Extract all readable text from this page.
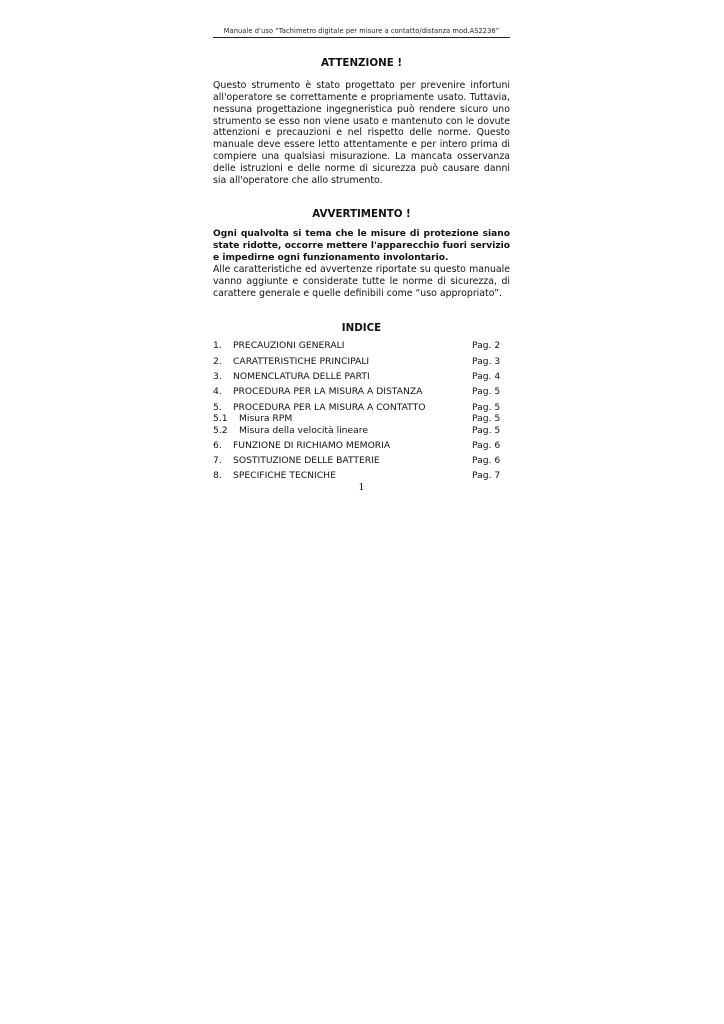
Manuale d’uso “Tachimetro digitale per misure a contatto/distanza mod.AS2236”
ATTENZIONE !
Questo strumento è stato progettato per prevenire infortuni all'operatore se correttamente e propriamente usato. Tuttavia, nessuna progettazione ingegneristica può rendere sicuro uno strumento se esso non viene usato e mantenuto con le dovute attenzioni e precauzioni e nel rispetto delle norme. Questo manuale deve essere letto attentamente e per intero prima di compiere una qualsiasi misurazione. La mancata osservanza delle istruzioni e delle norme di sicurezza può causare danni sia all'operatore che allo strumento.
AVVERTIMENTO !
Ogni qualvolta si tema che le misure di protezione siano state ridotte, occorre mettere l'apparecchio fuori servizio e impedirne ogni funzionamento involontario.
Alle caratteristiche ed avvertenze riportate su questo manuale vanno aggiunte e considerate tutte le norme di sicurezza, di carattere generale e quelle definibili come “uso appropriato”.
INDICE
1. PRECAUZIONI GENERALI	Pag. 2
2. CARATTERISTICHE PRINCIPALI	Pag. 3
3. NOMENCLATURA DELLE PARTI	Pag. 4
4. PROCEDURA PER LA MISURA A DISTANZA	Pag. 5
5. PROCEDURA PER LA MISURA A CONTATTO	Pag. 5
5.1 Misura RPM	Pag. 5
5.2 Misura della velocità lineare	Pag. 5
6. FUNZIONE DI RICHIAMO MEMORIA	Pag. 6
7. SOSTITUZIONE DELLE BATTERIE	Pag. 6
8. SPECIFICHE TECNICHE	Pag. 7
1
